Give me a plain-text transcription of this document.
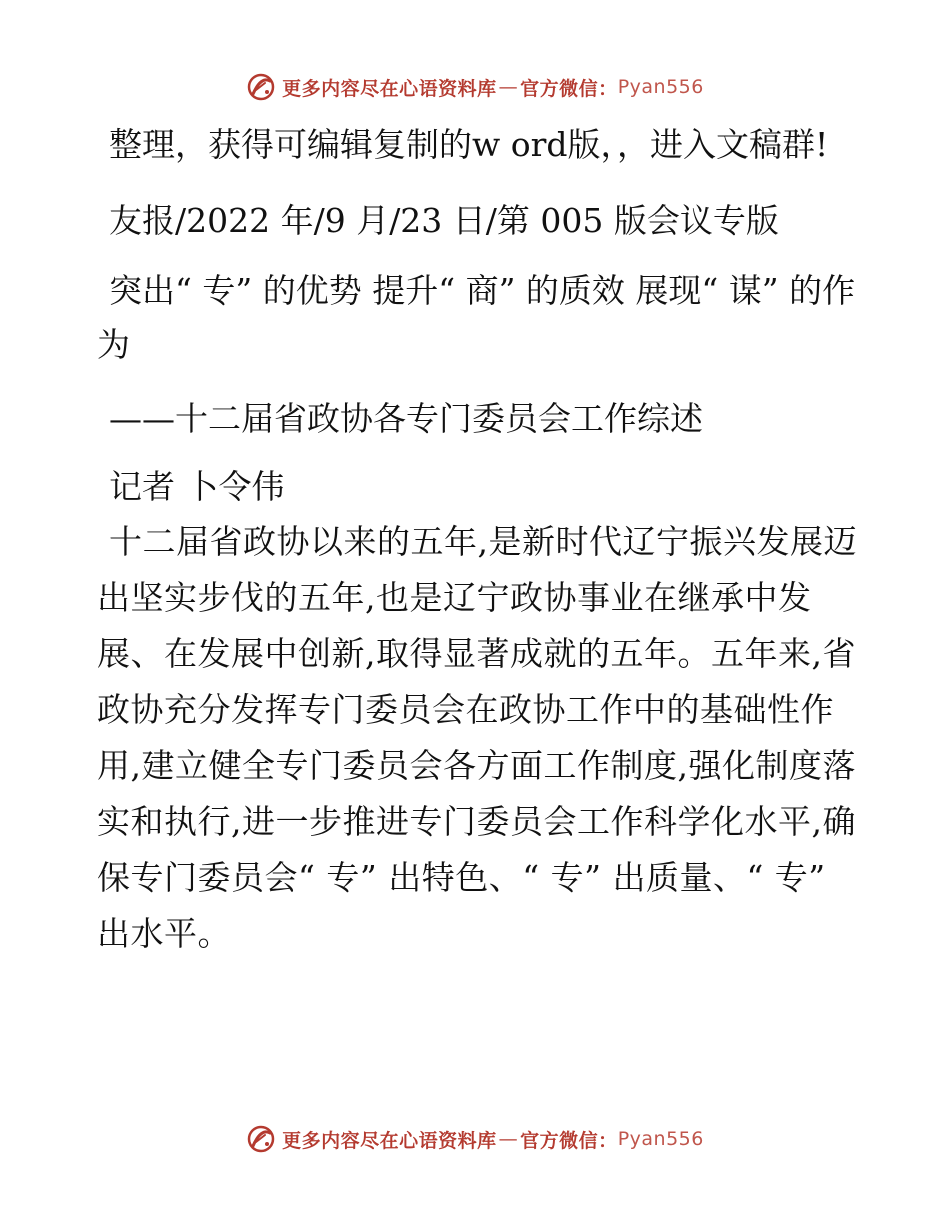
更多内容尽在心语资料库 — 官方微信： Pyan556

整理，获得可编辑复制的w ord版，，进入文稿群!

友报/2022 年/9 月/23 日/第 005 版会议专版

突出“ 专” 的优势 提升“ 商” 的质效 展现“ 谋” 的作为

——十二届省政协各专门委员会工作综述

记者 卜令伟

十二届省政协以来的五年,是新时代辽宁振兴发展迈出坚实步伐的五年,也是辽宁政协事业在继承中发展、在发展中创新,取得显著成就的五年。五年来,省政协充分发挥专门委员会在政协工作中的基础性作用,建立健全专门委员会各方面工作制度,强化制度落实和执行,进一步推进专门委员会工作科学化水平,确保专门委员会“ 专” 出特色、“ 专” 出质量、“ 专” 出水平。

更多内容尽在心语资料库 — 官方微信： Pyan556
